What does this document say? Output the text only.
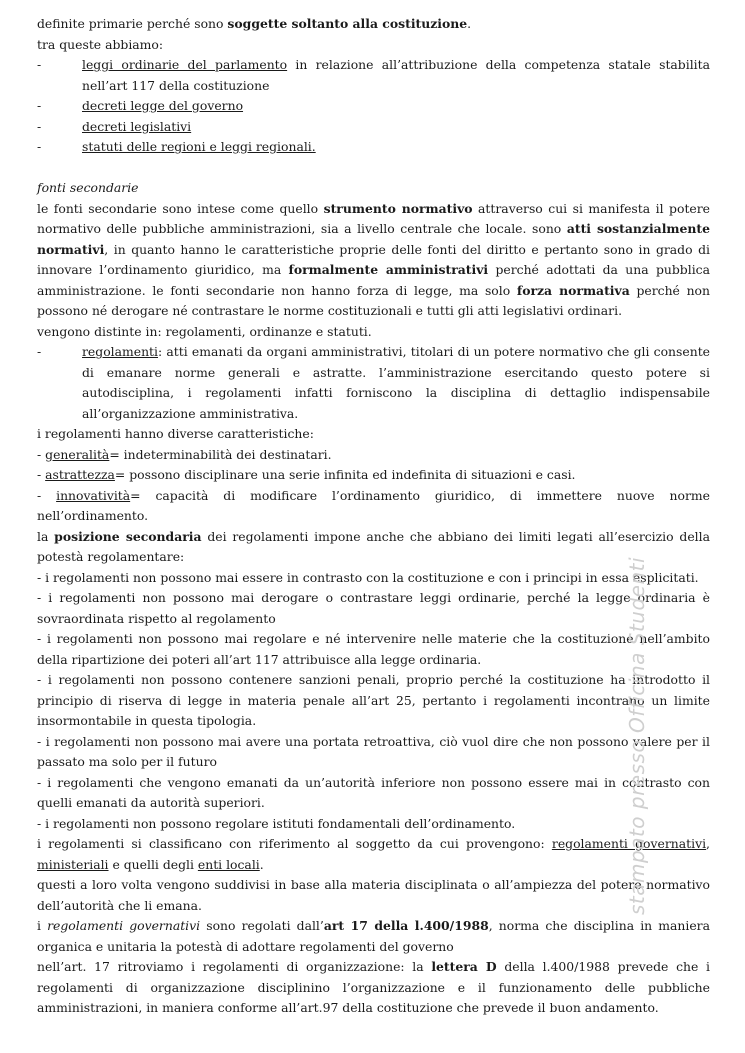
definite primarie perché sono soggette soltanto alla costituzione.

tra queste abbiamo:

-	leggi ordinarie del parlamento in relazione all’attribuzione della competenza statale stabilita nell’art 117 della costituzione
-	decreti legge del governo
-	decreti legislativi
-	statuti delle regioni e leggi regionali.

fonti secondarie

le fonti secondarie sono intese come quello strumento normativo attraverso cui si manifesta il potere normativo delle pubbliche amministrazioni, sia a livello centrale che locale. sono atti sostanzialmente normativi, in quanto hanno le caratteristiche proprie delle fonti del diritto e pertanto sono in grado di innovare l’ordinamento giuridico, ma formalmente amministrativi perché adottati da una pubblica amministrazione. le fonti secondarie non hanno forza di legge, ma solo forza normativa perché non possono né derogare né contrastare le norme costituzionali e tutti gli atti legislativi ordinari.

vengono distinte in: regolamenti, ordinanze e statuti.

-	regolamenti: atti emanati da organi amministrativi, titolari di un potere normativo che gli consente di emanare norme generali e astratte. l’amministrazione esercitando questo potere si autodisciplina, i regolamenti infatti forniscono la disciplina di dettaglio indispensabile all’organizzazione amministrativa.

i regolamenti hanno diverse caratteristiche:

- generalità= indeterminabilità dei destinatari.

- astrattezza= possono disciplinare una serie infinita ed indefinita di situazioni e casi.

- innovatività= capacità di modificare l’ordinamento giuridico, di immettere nuove norme nell’ordinamento.

la posizione secondaria dei regolamenti impone anche che abbiano dei limiti legati all’esercizio della potestà regolamentare:

- i regolamenti non possono mai essere in contrasto con la costituzione e con i principi in essa esplicitati.

- i regolamenti non possono mai derogare o contrastare leggi ordinarie, perché la legge ordinaria è sovraordinata rispetto al regolamento

- i regolamenti non possono mai regolare e né intervenire nelle materie che la costituzione nell’ambito della ripartizione dei poteri all’art 117 attribuisce alla legge ordinaria.

- i regolamenti non possono contenere sanzioni penali, proprio perché la costituzione ha introdotto il principio di riserva di legge in materia penale all’art 25, pertanto i regolamenti incontrano un limite insormontabile in questa tipologia.

- i regolamenti non possono mai avere una portata retroattiva, ciò vuol dire che non possono valere per il passato ma solo per il futuro

- i regolamenti che vengono emanati da un’autorità inferiore non possono essere mai in contrasto con quelli emanati da autorità superiori.

- i regolamenti non possono regolare istituti fondamentali dell’ordinamento.

i regolamenti si classificano con riferimento al soggetto da cui provengono: regolamenti governativi, ministeriali e quelli degli enti locali.

questi a loro volta vengono suddivisi in base alla materia disciplinata o all’ampiezza del potere normativo dell’autorità che li emana.

i regolamenti governativi sono regolati dall’art 17 della l.400/1988, norma che disciplina in maniera organica e unitaria la potestà di adottare regolamenti del governo

nell’art. 17 ritroviamo i regolamenti di organizzazione: la lettera D della l.400/1988 prevede che i regolamenti di organizzazione disciplinino l’organizzazione e il funzionamento delle pubbliche amministrazioni, in maniera conforme all’art.97 della costituzione che prevede il buon andamento.

stampato presso Officina Studenti
